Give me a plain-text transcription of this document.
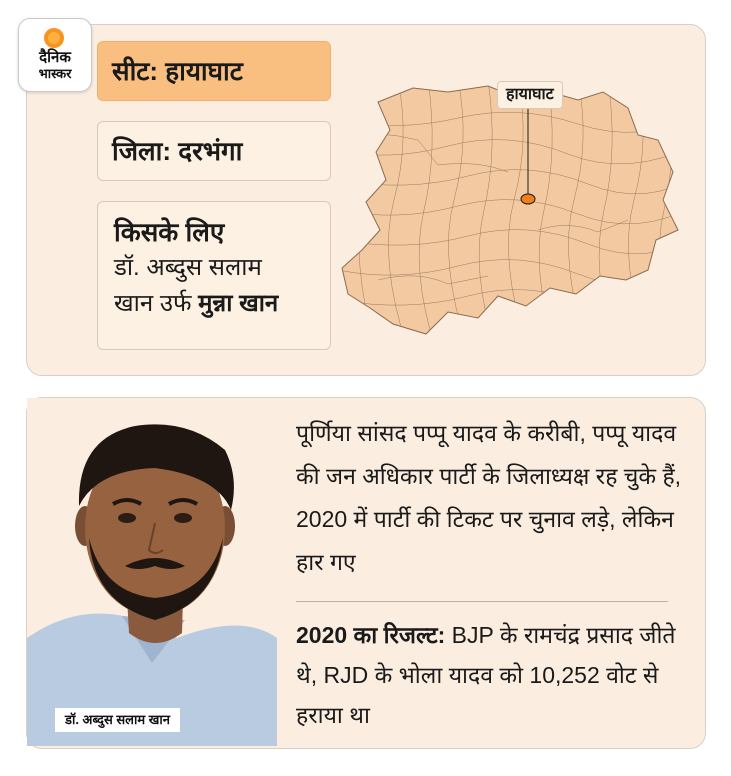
दैनिक
भास्कर	सीट: हायाघाट
जिला: दरभंगा
किसके लिए
डॉ. अब्दुस सलाम
खान उर्फ मुन्ना खान
हायाघाट
डॉ. अब्दुस सलाम खान
पूर्णिया सांसद पप्पू यादव के करीबी, पप्पू यादव की जन अधिकार पार्टी के जिलाध्यक्ष रह चुके हैं, 2020 में पार्टी की टिकट पर चुनाव लड़े, लेकिन हार गए
2020 का रिजल्ट: BJP के रामचंद्र प्रसाद जीते थे, RJD के भोला यादव को 10,252 वोट से हराया था
